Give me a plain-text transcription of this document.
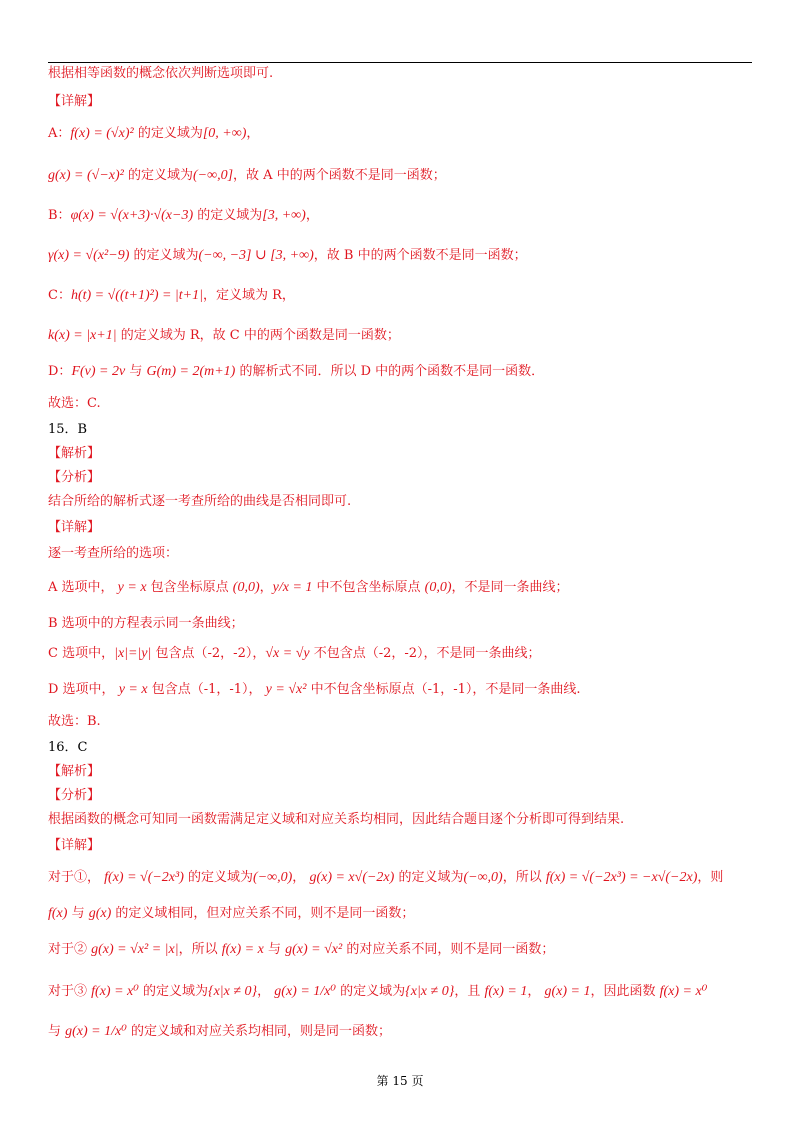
根据相等函数的概念依次判断选项即可.
【详解】
A：f(x) = (√x)² 的定义域为[0, +∞)，
g(x) = (√−x)² 的定义域为(−∞,0]，故 A 中的两个函数不是同一函数；
B：φ(x) = √(x+3)·√(x−3) 的定义域为[3, +∞)，
γ(x) = √(x²−9) 的定义域为(−∞, −3] ∪ [3, +∞)，故 B 中的两个函数不是同一函数；
C：h(t) = √((t+1)²) = |t+1|，定义域为 R，
k(x) = |x+1| 的定义域为 R，故 C 中的两个函数是同一函数；
D：F(v) = 2v 与 G(m) = 2(m+1) 的解析式不同．所以 D 中的两个函数不是同一函数．
故选：C.
15．B
【解析】
【分析】
结合所给的解析式逐一考查所给的曲线是否相同即可.
【详解】
逐一考查所给的选项：
A 选项中， y = x 包含坐标原点 (0,0)，y/x = 1 中不包含坐标原点 (0,0)，不是同一条曲线；
B 选项中的方程表示同一条曲线；
C 选项中，|x|=|y| 包含点（-2，-2），√x = √y 不包含点（-2，-2），不是同一条曲线；
D 选项中， y = x 包含点（-1，-1）， y = √x² 中不包含坐标原点（-1，-1），不是同一条曲线.
故选：B.
16．C
【解析】
【分析】
根据函数的概念可知同一函数需满足定义域和对应关系均相同，因此结合题目逐个分析即可得到结果.
【详解】
对于①， f(x) = √(−2x³) 的定义域为(−∞,0)， g(x) = x√(−2x) 的定义域为(−∞,0)，所以 f(x) = √(−2x³) = −x√(−2x)，则
f(x) 与 g(x) 的定义域相同，但对应关系不同，则不是同一函数；
对于② g(x) = √x² = |x|，所以 f(x) = x 与 g(x) = √x² 的对应关系不同，则不是同一函数；
对于③ f(x) = x⁰ 的定义域为{x|x ≠ 0}， g(x) = 1/x⁰ 的定义域为{x|x ≠ 0}，且 f(x) = 1， g(x) = 1，因此函数 f(x) = x⁰
与 g(x) = 1/x⁰ 的定义域和对应关系均相同，则是同一函数；
第 15 页
